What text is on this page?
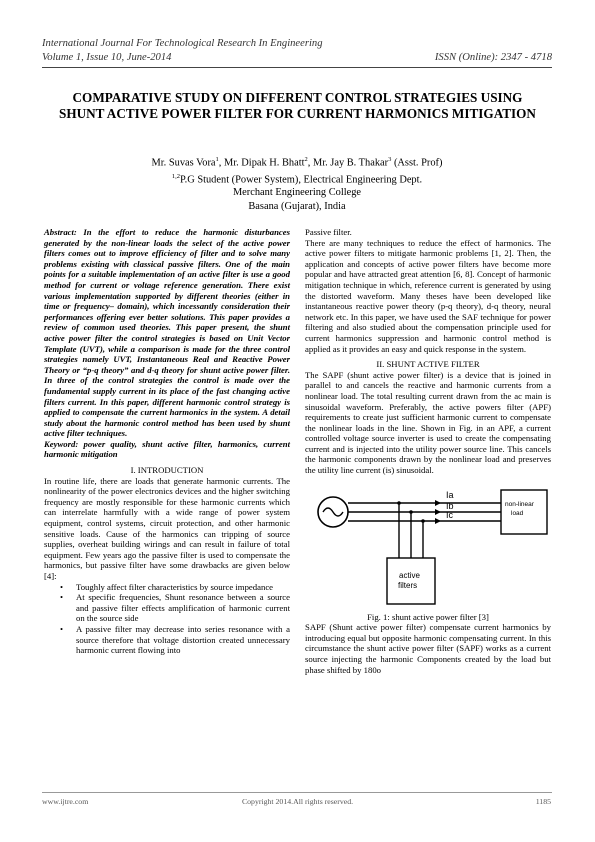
International Journal For Technological Research In Engineering
Volume 1, Issue 10, June-2014	ISSN (Online): 2347 - 4718
COMPARATIVE STUDY ON DIFFERENT CONTROL STRATEGIES USING SHUNT ACTIVE POWER FILTER FOR CURRENT HARMONICS MITIGATION
Mr. Suvas Vora$^1$, Mr. Dipak H. Bhatt$^2$, Mr. Jay B. Thakar$^3$ (Asst. Prof)
$^{1,2}$P.G Student (Power System), Electrical Engineering Dept.
Merchant Engineering College
Basana (Gujarat), India

Abstract: In the effort to reduce the harmonic disturbances generated by the non-linear loads the select of the active power filters comes out to improve efficiency of filter and to solve many problems existing with classical passive filters. One of the main points for a suitable implementation of an active filter is use a good method for current or voltage reference generation. There exist various implementation supported by different theories (either in time or frequency– domain), which incessantly consideration their performances offering ever better solutions. This paper provides a review of common used theories. This paper present, the shunt active power filter the control strategies is based on Unit Vector Template (UVT), while a comparison is made for the three control strategies namely UVT, Instantaneous Real and Reactive Power Theory or “p-q theory” and d-q theory for shunt active power filter. In three of the control strategies the control is made over the fundamental supply current in its place of the fast changing active filters current. In this paper, different harmonic control strategy is applied to compensate the current harmonics in the system. A detail study about the harmonic control method has been used by shunt active filter techniques.

Keyword: power quality, shunt active filter, harmonics, current harmonic mitigation

I. INTRODUCTION

In routine life, there are loads that generate harmonic currents. The nonlinearity of the power electronics devices and the higher switching frequency are mostly responsible for these harmonic currents which can interrelate harmfully with a wide range of power system equipment, control systems, circuit protection, and other harmonic sensitive loads. Cause of the harmonics can tripping of source supplies, overheat building wirings and can result in failure of total equipment. Few years ago the passive filter is used to compensate the harmonics, but passive filter have some drawbacks are given below [4]:

• Toughly affect filter characteristics by source impedance
• At specific frequencies, Shunt resonance between a source and passive filter effects amplification of harmonic current on the source side
• A passive filter may decrease into series resonance with a source therefore that voltage distortion created unnecessary harmonic current flowing into

Passive filter.

There are many techniques to reduce the effect of harmonics. The active power filters to mitigate harmonic problems [1, 2]. Then, the application and concepts of active power filters have become more popular and have attracted great attention [6, 8]. Concept of harmonic mitigation technique in which, reference current is generated by using the distorted waveform. Many theses have been developed like instantaneous reactive power theory (p-q theory), d-q theory, neural network etc. In this paper, we have used the SAF technique for power filtering and also studied about the compensation principle used for current harmonics suppression and harmonic control method is applied as it provides an easy and quick response in the system.

II. SHUNT ACTIVE FILTER

The SAPF (shunt active power filter) is a device that is joined in parallel to and cancels the reactive and harmonic currents from a nonlinear load. The total resulting current drawn from the ac main is sinusoidal waveform. Preferably, the active powers filter (APF) requirements to create just sufficient harmonic current to compensate the nonlinear loads in the line. Shown in Fig. in an APF, a current controlled voltage source inverter is used to create the compensating current and is injected into the utility power source line. This cancels the harmonic components drawn by the nonlinear load and preserves the utility line current (is) sinusoidal.

Ia
Ib
Ic
non-linear load
active filters
Fig. 1: shunt active power filter [3]

SAPF (Shunt active power filter) compensate current harmonics by introducing equal but opposite harmonic compensating current. In this circumstance the shunt active power filter (SAPF) works as a current source injecting the harmonic Components created by the load but phase shifted by 180o

www.ijtre.com	Copyright 2014.All rights reserved.	1185
